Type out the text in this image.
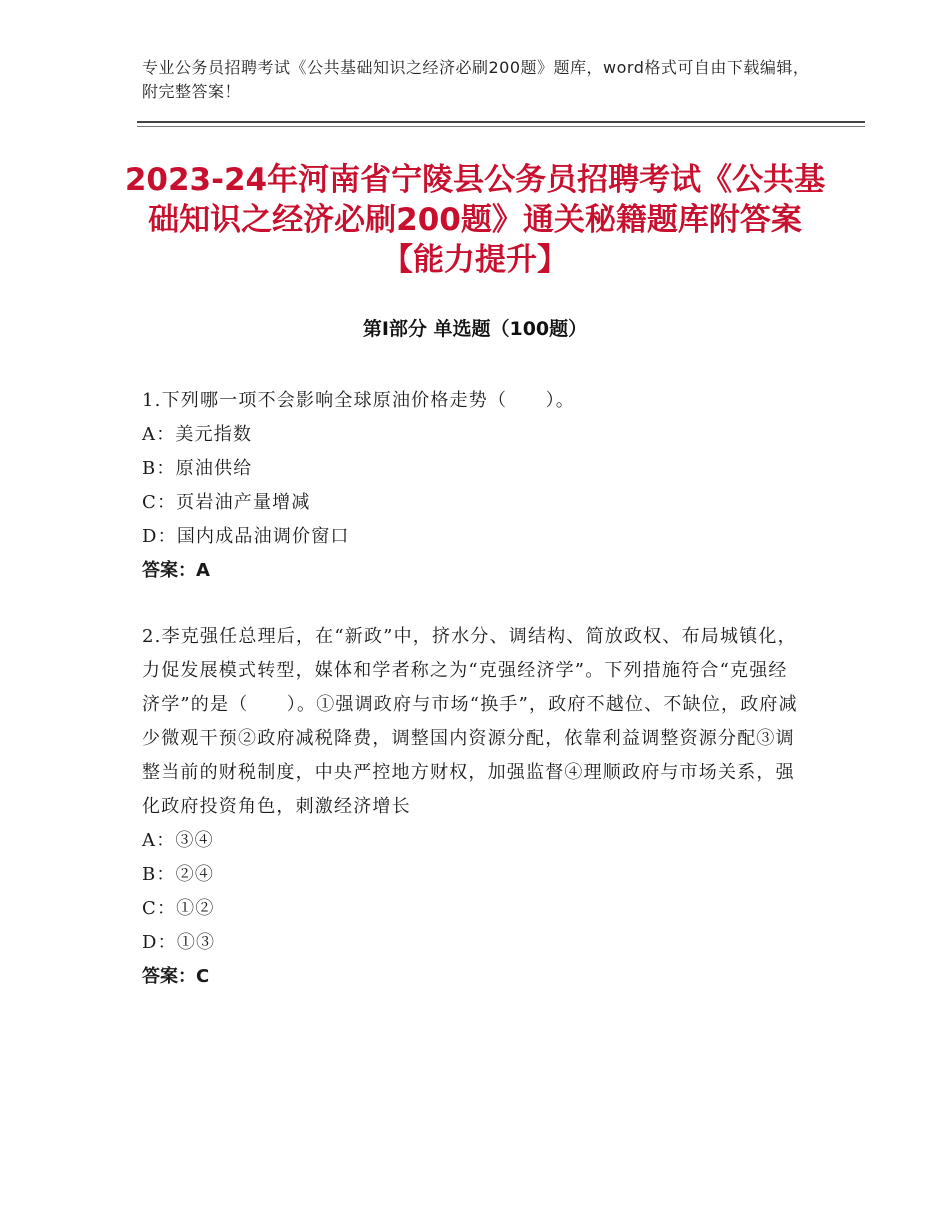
专业公务员招聘考试《公共基础知识之经济必刷200题》题库，word格式可自由下载编辑，附完整答案！
2023-24年河南省宁陵县公务员招聘考试《公共基础知识之经济必刷200题》通关秘籍题库附答案【能力提升】
第Ⅰ部分 单选题（100题）

1.下列哪一项不会影响全球原油价格走势（　　）。

A：美元指数

B：原油供给

C：页岩油产量增减

D：国内成品油调价窗口

答案：A

2.李克强任总理后，在“新政”中，挤水分、调结构、简放政权、布局城镇化，力促发展模式转型，媒体和学者称之为“克强经济学”。下列措施符合“克强经济学”的是（　　）。①强调政府与市场“换手”，政府不越位、不缺位，政府减少微观干预②政府减税降费，调整国内资源分配，依靠利益调整资源分配③调整当前的财税制度，中央严控地方财权，加强监督④理顺政府与市场关系，强化政府投资角色，刺激经济增长

A：③④

B：②④

C：①②

D：①③

答案：C
